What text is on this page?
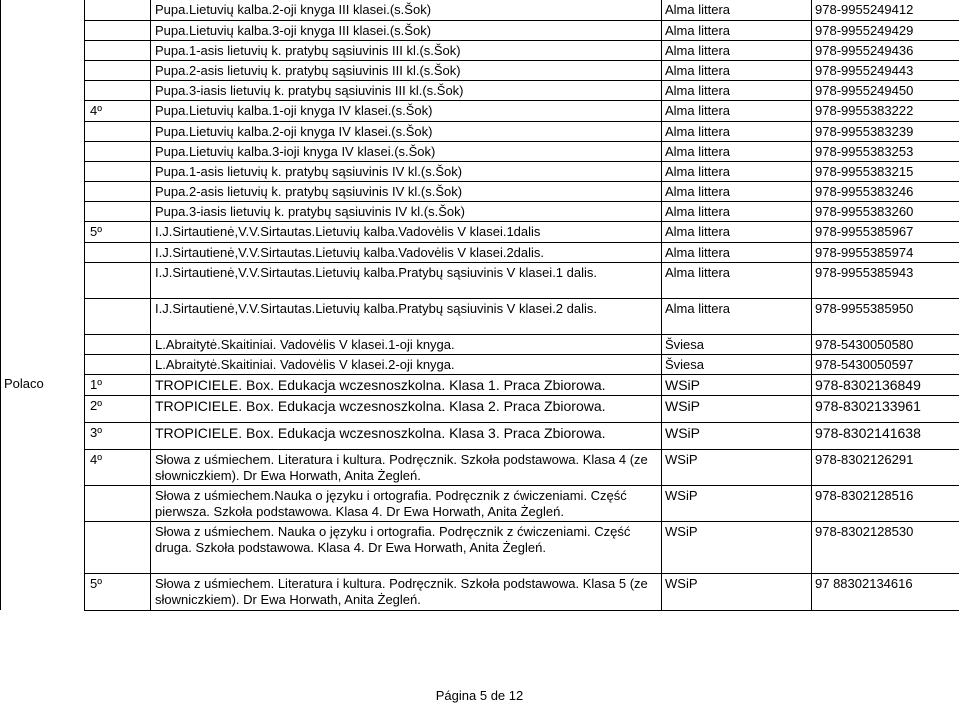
		Pupa.Lietuvių kalba.2-oji knyga III klasei.(s.Šok)	Alma littera	978-9955249412
		Pupa.Lietuvių kalba.3-oji knyga III klasei.(s.Šok)	Alma littera	978-9955249429
		Pupa.1-asis lietuvių k. pratybų sąsiuvinis III kl.(s.Šok)	Alma littera	978-9955249436
		Pupa.2-asis lietuvių k. pratybų sąsiuvinis III kl.(s.Šok)	Alma littera	978-9955249443
		Pupa.3-iasis lietuvių k. pratybų sąsiuvinis III kl.(s.Šok)	Alma littera	978-9955249450
	4º	Pupa.Lietuvių kalba.1-oji knyga IV klasei.(s.Šok)	Alma littera	978-9955383222
		Pupa.Lietuvių kalba.2-oji knyga IV klasei.(s.Šok)	Alma littera	978-9955383239
		Pupa.Lietuvių kalba.3-ioji knyga IV klasei.(s.Šok)	Alma littera	978-9955383253
		Pupa.1-asis lietuvių k. pratybų sąsiuvinis IV kl.(s.Šok)	Alma littera	978-9955383215
		Pupa.2-asis lietuvių k. pratybų sąsiuvinis IV kl.(s.Šok)	Alma littera	978-9955383246
		Pupa.3-iasis lietuvių k. pratybų sąsiuvinis IV kl.(s.Šok)	Alma littera	978-9955383260
	5º	I.J.Sirtautienė,V.V.Sirtautas.Lietuvių kalba.Vadovėlis V klasei.1dalis	Alma littera	978-9955385967
		I.J.Sirtautienė,V.V.Sirtautas.Lietuvių kalba.Vadovėlis V klasei.2dalis.	Alma littera	978-9955385974
		I.J.Sirtautienė,V.V.Sirtautas.Lietuvių kalba.Pratybų sąsiuvinis V klasei.1 dalis.	Alma littera	978-9955385943
		I.J.Sirtautienė,V.V.Sirtautas.Lietuvių kalba.Pratybų sąsiuvinis V klasei.2 dalis.	Alma littera	978-9955385950
		L.Abraitytė.Skaitiniai. Vadovėlis V klasei.1-oji knyga.	Šviesa	978-5430050580
		L.Abraitytė.Skaitiniai. Vadovėlis V klasei.2-oji knyga.	Šviesa	978-5430050597
Polaco	1º	TROPICIELE. Box. Edukacja wczesnoszkolna. Klasa 1. Praca Zbiorowa.	WSiP	978-8302136849
	2º	TROPICIELE. Box. Edukacja wczesnoszkolna. Klasa 2. Praca Zbiorowa.	WSiP	978-8302133961
	3º	TROPICIELE. Box. Edukacja wczesnoszkolna. Klasa 3. Praca Zbiorowa.	WSiP	978-8302141638
	4º	Słowa z uśmiechem. Literatura i kultura. Podręcznik. Szkoła podstawowa. Klasa 4 (ze słowniczkiem). Dr Ewa Horwath, Anita Żegleń.	WSiP	978-8302126291
		Słowa z uśmiechem.Nauka o języku i ortografia. Podręcznik z ćwiczeniami. Część pierwsza. Szkoła podstawowa. Klasa 4. Dr Ewa Horwath, Anita Żegleń.	WSiP	978-8302128516
		Słowa z uśmiechem. Nauka o języku i ortografia. Podręcznik z ćwiczeniami. Część druga. Szkoła podstawowa. Klasa 4. Dr Ewa Horwath, Anita Żegleń.	WSiP	978-8302128530
	5º	Słowa z uśmiechem. Literatura i kultura. Podręcznik. Szkoła podstawowa. Klasa 5 (ze słowniczkiem). Dr Ewa Horwath, Anita Żegleń.	WSiP	97 88302134616
Página 5 de 12
